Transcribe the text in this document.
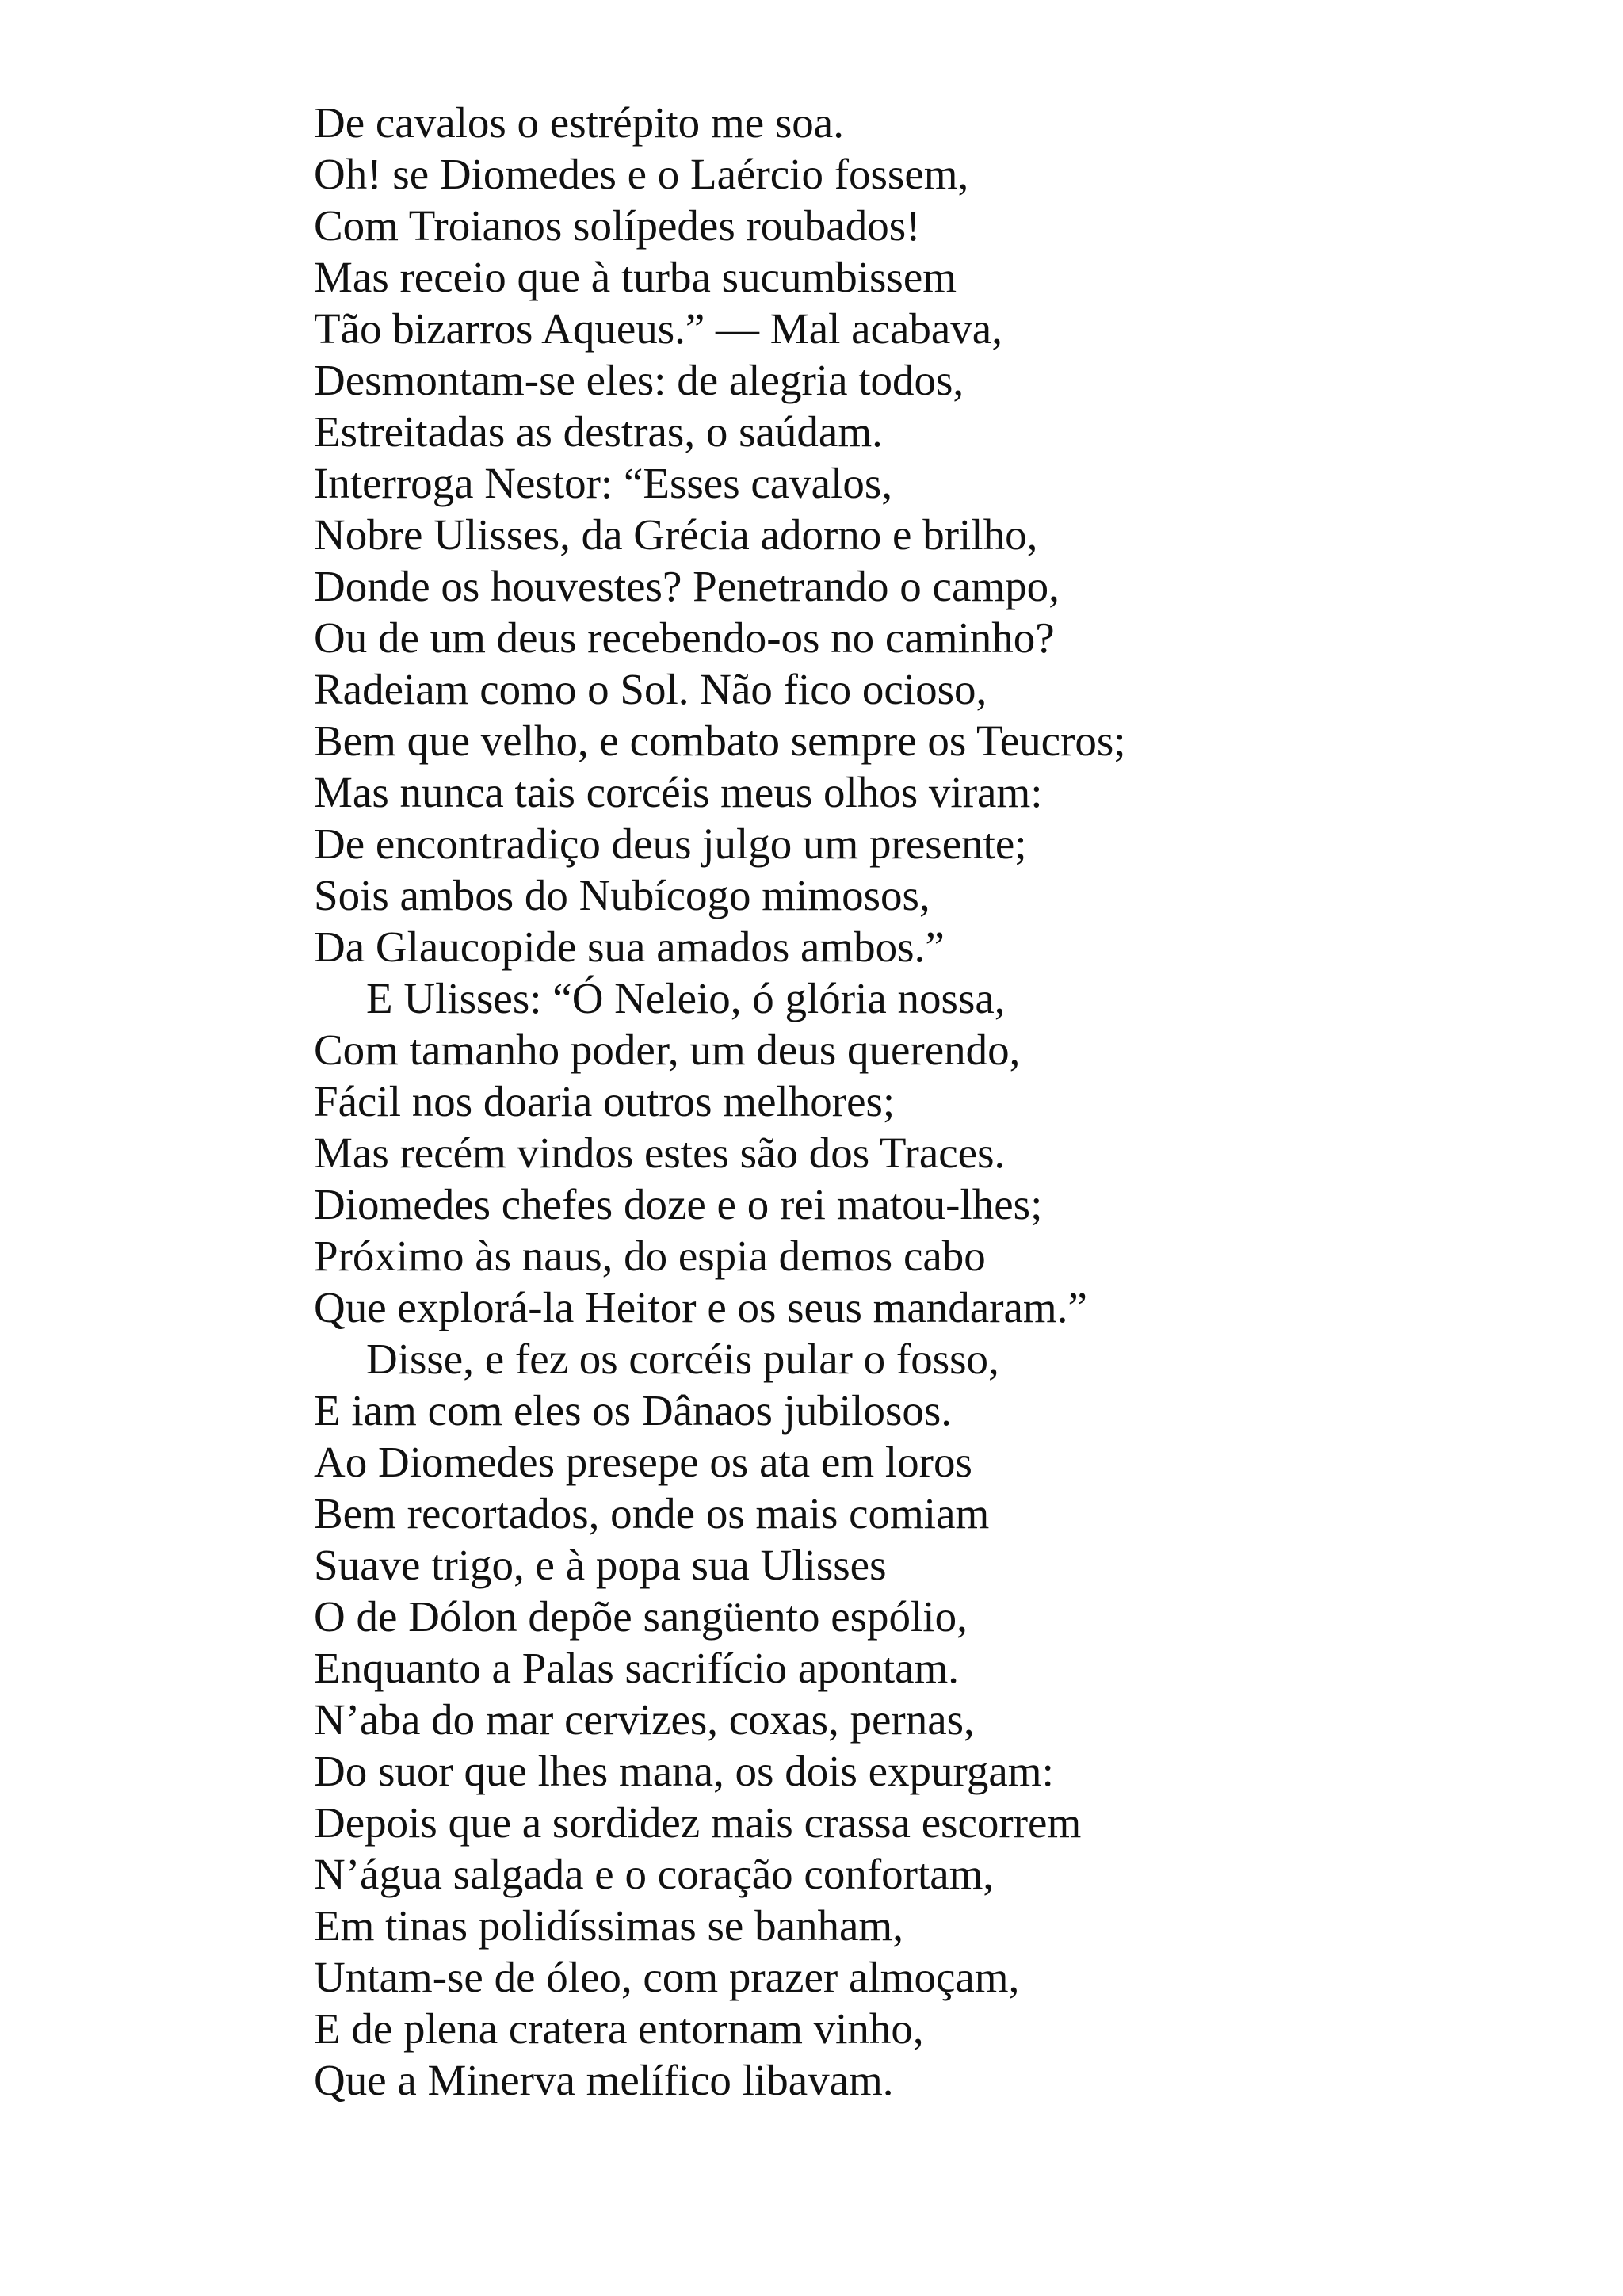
De cavalos o estrépito me soa.
Oh! se Diomedes e o Laércio fossem,
Com Troianos solípedes roubados!
Mas receio que à turba sucumbissem
Tão bizarros Aqueus.” — Mal acabava,
Desmontam-se eles: de alegria todos,
Estreitadas as destras, o saúdam.
Interroga Nestor: “Esses cavalos,
Nobre Ulisses, da Grécia adorno e brilho,
Donde os houvestes? Penetrando o campo,
Ou de um deus recebendo-os no caminho?
Radeiam como o Sol. Não fico ocioso,
Bem que velho, e combato sempre os Teucros;
Mas nunca tais corcéis meus olhos viram:
De encontradiço deus julgo um presente;
Sois ambos do Nubícogo mimosos,
Da Glaucopide sua amados ambos.”
E Ulisses: “Ó Neleio, ó glória nossa,
Com tamanho poder, um deus querendo,
Fácil nos doaria outros melhores;
Mas recém vindos estes são dos Traces.
Diomedes chefes doze e o rei matou-lhes;
Próximo às naus, do espia demos cabo
Que explorá-la Heitor e os seus mandaram.”
Disse, e fez os corcéis pular o fosso,
E iam com eles os Dânaos jubilosos.
Ao Diomedes presepe os ata em loros
Bem recortados, onde os mais comiam
Suave trigo, e à popa sua Ulisses
O de Dólon depõe sangüento espólio,
Enquanto a Palas sacrifício apontam.
N’aba do mar cervizes, coxas, pernas,
Do suor que lhes mana, os dois expurgam:
Depois que a sordidez mais crassa escorrem
N’água salgada e o coração confortam,
Em tinas polidíssimas se banham,
Untam-se de óleo, com prazer almoçam,
E de plena cratera entornam vinho,
Que a Minerva melífico libavam.
